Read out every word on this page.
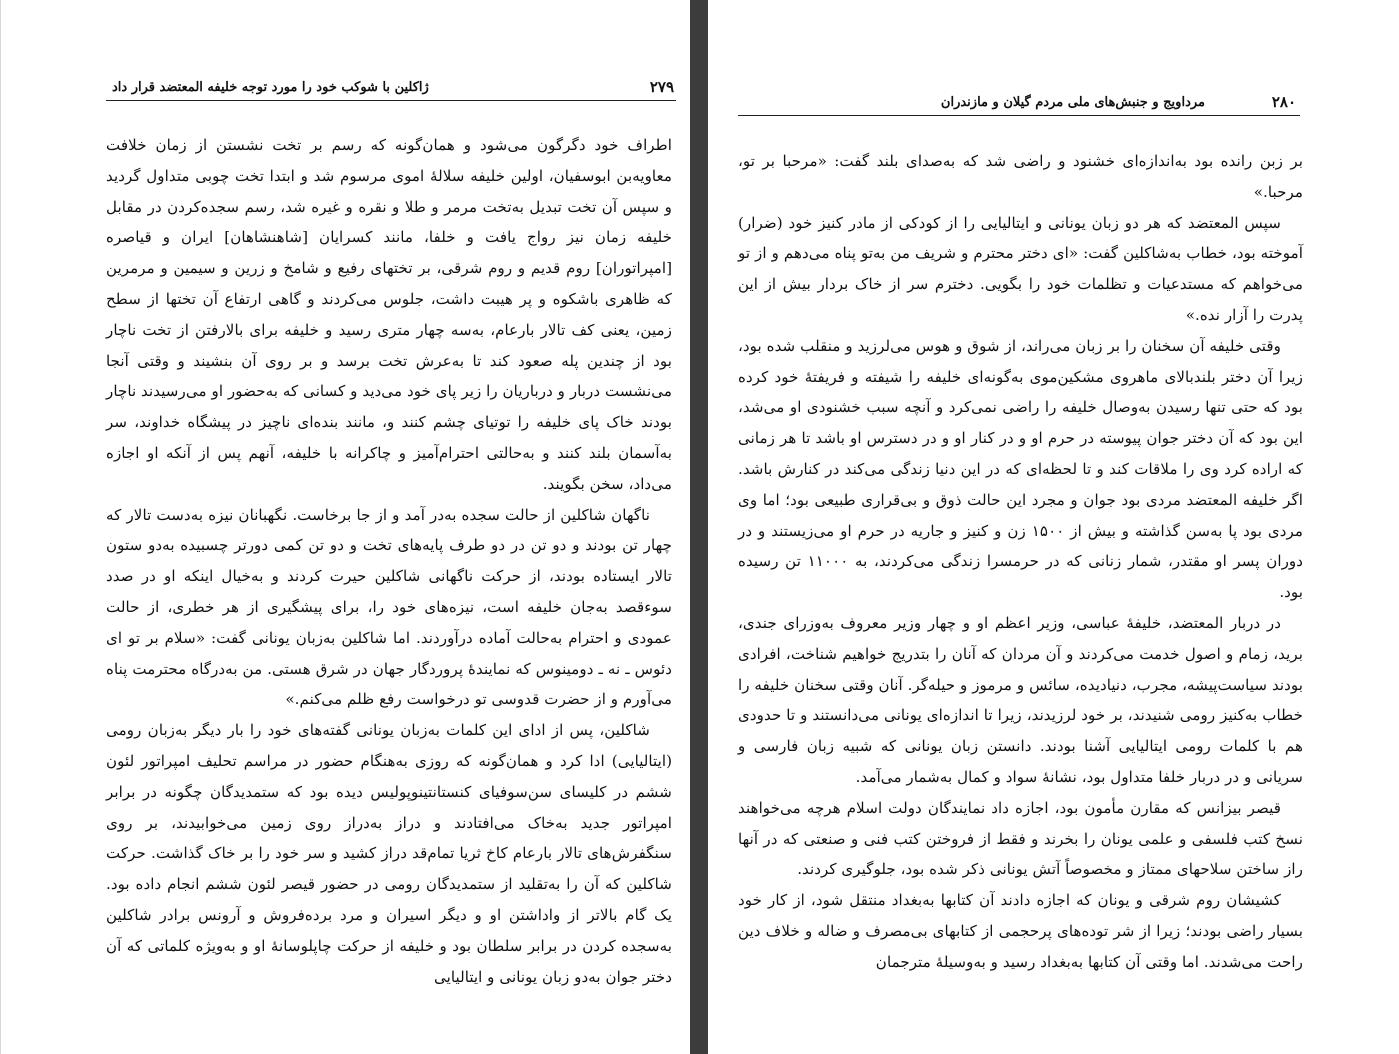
۲۷۹
ژاکلین با شوکب خود را مورد توجه خلیفه المعتضد قرار داد

اطراف خود دگرگون می‌شود و همان‌گونه که رسم بر تخت نشستن از زمان خلافت معاویه‌بن ابوسفیان، اولین خلیفه سلالهٔ اموی مرسوم شد و ابتدا تخت چوبی متداول گردید و سپس آن تخت تبدیل به‌تخت مرمر و طلا و نقره و غیره شد، رسم سجده‌کردن در مقابل خلیفه زمان نیز رواج یافت و خلفا، مانند کسرایان [شاهنشاهان] ایران و قیاصره [امپراتوران] روم قدیم و روم شرقی، بر تختهای رفیع و شامخ و زرین و سیمین و مرمرین که ظاهری باشکوه و پر هیبت داشت، جلوس می‌کردند و گاهی ارتفاع آن تختها از سطح زمین، یعنی کف تالار بارعام، به‌سه چهار متری رسید و خلیفه برای بالارفتن از تخت ناچار بود از چندین پله صعود کند تا به‌عرش تخت برسد و بر روی آن بنشیند و وقتی آنجا می‌نشست دربار و درباریان را زیر پای خود می‌دید و کسانی که به‌حضور او می‌رسیدند ناچار بودند خاک پای خلیفه را توتیای چشم کنند و، مانند بنده‌ای ناچیز در پیشگاه خداوند، سر به‌آسمان بلند کنند و به‌حالتی احترام‌آمیز و چاکرانه با خلیفه، آنهم پس از آنکه او اجازه می‌داد، سخن بگویند.

ناگهان شاکلین از حالت سجده به‌در آمد و از جا برخاست. نگهبانان نیزه به‌دست تالار که چهار تن بودند و دو تن در دو طرف پایه‌های تخت و دو تن کمی دورتر چسبیده به‌دو ستون تالار ایستاده بودند، از حرکت ناگهانی شاکلین حیرت کردند و به‌خیال اینکه او در صدد سوءقصد به‌جان خلیفه است، نیزه‌های خود را، برای پیشگیری از هر خطری، از حالت عمودی و احترام به‌حالت آماده درآوردند. اما شاکلین به‌زبان یونانی گفت: «سلام بر تو ای دئوس ـ نه ـ دومینوس که نمایندهٔ پروردگار جهان در شرق هستی. من به‌درگاه محترمت پناه می‌آورم و از حضرت قدوسی تو درخواست رفع ظلم می‌کنم.»

شاکلین، پس از ادای این کلمات به‌زبان یونانی گفته‌های خود را بار دیگر به‌زبان رومی (ایتالیایی) ادا کرد و همان‌گونه که روزی به‌هنگام حضور در مراسم تحلیف امپراتور لئون ششم در کلیسای سن‌سوفیای کنستانتینوپولیس دیده بود که ستمدیدگان چگونه در برابر امپراتور جدید به‌خاک می‌افتادند و دراز به‌دراز روی زمین می‌خوابیدند، بر روی سنگفرش‌های تالار بارعام کاخ ثریا تمام‌قد دراز کشید و سر خود را بر خاک گذاشت. حرکت شاکلین که آن را به‌تقلید از ستمدیدگان رومی در حضور قیصر لئون ششم انجام داده بود. یک گام بالاتر از واداشتن او و دیگر اسیران و مرد برده‌فروش و آرونس برادر شاکلین به‌سجده کردن در برابر سلطان بود و خلیفه از حرکت چاپلوسانهٔ او و به‌ویژه کلماتی که آن دختر جوان به‌دو زبان یونانی و ایتالیایی

۲۸۰
مرداویج و جنبش‌های ملی مردم گیلان و مازندران

بر زبن رانده بود به‌اندازه‌ای خشنود و راضی شد که به‌صدای بلند گفت: «مرحبا بر تو، مرحبا.»

سپس المعتضد که هر دو زبان یونانی و ایتالیایی را از کودکی از مادر کنیز خود (ضرار) آموخته بود، خطاب به‌شاکلین گفت: «ای دختر محترم و شریف من به‌تو پناه می‌دهم و از تو می‌خواهم که مستدعیات و تظلمات خود را بگویی. دخترم سر از خاک بردار بیش از این پدرت را آزار نده.»

وقتی خلیفه آن سخنان را بر زبان می‌راند، از شوق و هوس می‌لرزید و منقلب شده بود، زیرا آن دختر بلندبالای ماهروی مشکین‌موی به‌گونه‌ای خلیفه را شیفته و فریفتهٔ خود کرده بود که حتی تنها رسیدن به‌وصال خلیفه را راضی نمی‌کرد و آنچه سبب خشنودی او می‌شد، این بود که آن دختر جوان پیوسته در حرم او و در کنار او و در دسترس او باشد تا هر زمانی که اراده کرد وی را ملاقات کند و تا لحظه‌ای که در این دنیا زندگی می‌کند در کنارش باشد. اگر خلیفه المعتضد مردی بود جوان و مجرد این حالت ذوق و بی‌قراری طبیعی بود؛ اما وی مردی بود پا به‌سن گذاشته و بیش از ۱۵۰۰ زن و کنیز و جاریه در حرم او می‌زیستند و در دوران پسر او مقتدر، شمار زنانی که در حرمسرا زندگی می‌کردند، به ۱۱۰۰۰ تن رسیده بود.

در دربار المعتضد، خلیفهٔ عباسی، وزیر اعظم او و چهار وزیر معروف به‌وزرای جندی، برید، زمام و اصول خدمت می‌کردند و آن مردان که آنان را بتدریج خواهیم شناخت، افرادی بودند سیاست‌پیشه، مجرب، دنیادیده، سائس و مرموز و حیله‌گر. آنان وقتی سخنان خلیفه را خطاب به‌کنیز رومی شنیدند، بر خود لرزیدند، زیرا تا اندازه‌ای یونانی می‌دانستند و تا حدودی هم با کلمات رومی ایتالیایی آشنا بودند. دانستن زبان یونانی که شبیه زبان فارسی و سریانی و در دربار خلفا متداول بود، نشانهٔ سواد و کمال به‌شمار می‌آمد.

قیصر بیزانس که مقارن مأمون بود، اجازه داد نمایندگان دولت اسلام هرچه می‌خواهند نسخ کتب فلسفی و علمی یونان را بخرند و فقط از فروختن کتب فنی و صنعتی که در آنها راز ساختن سلاحهای ممتاز و مخصوصاً آتش یونانی ذکر شده بود، جلوگیری کردند.

کشیشان روم شرقی و یونان که اجازه دادند آن کتابها به‌بغداد منتقل شود، از کار خود بسیار راضی بودند؛ زیرا از شر توده‌های پرحجمی از کتابهای بی‌مصرف و ضاله و خلاف دین راحت می‌شدند. اما وقتی آن کتابها به‌بغداد رسید و به‌وسیلهٔ مترجمان
